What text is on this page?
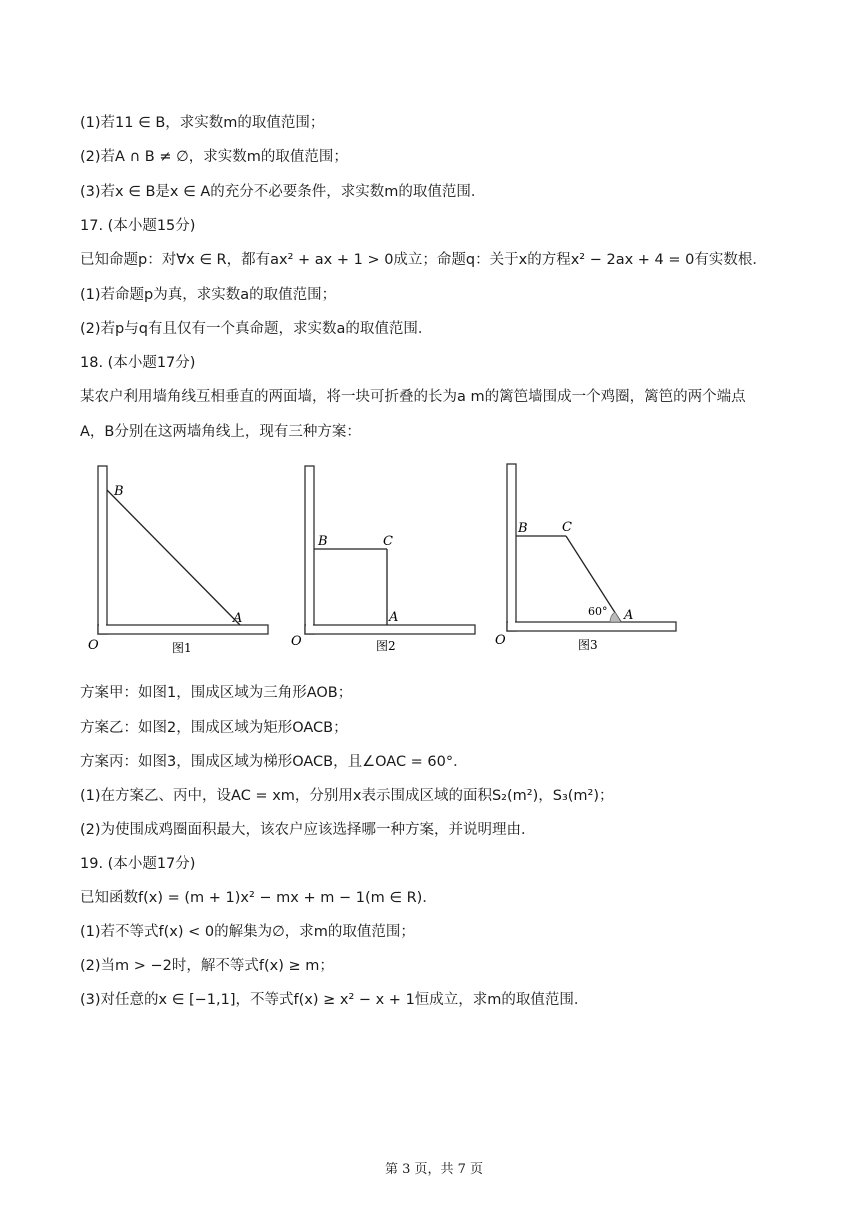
(1)若11 ∈ B，求实数m的取值范围；
(2)若A ∩ B ≠ ∅，求实数m的取值范围；
(3)若x ∈ B是x ∈ A的充分不必要条件，求实数m的取值范围．
17. (本小题15分)
已知命题p：对∀x ∈ R，都有ax² + ax + 1 > 0成立；命题q：关于x的方程x² − 2ax + 4 = 0有实数根．
(1)若命题p为真，求实数a的取值范围；
(2)若p与q有且仅有一个真命题，求实数a的取值范围．
18. (本小题17分)
某农户利用墙角线互相垂直的两面墙，将一块可折叠的长为a m的篱笆墙围成一个鸡圈，篱笆的两个端点
A，B分别在这两墙角线上，现有三种方案：
B
A
O	图1
B	C
A
O	图2
B	C
A
60°
O	图3
方案甲：如图1，围成区域为三角形AOB；
方案乙：如图2，围成区域为矩形OACB；
方案丙：如图3，围成区域为梯形OACB，且∠OAC = 60°．
(1)在方案乙、丙中，设AC = xm，分别用x表示围成区域的面积S₂(m²)，S₃(m²)；
(2)为使围成鸡圈面积最大，该农户应该选择哪一种方案，并说明理由．
19. (本小题17分)
已知函数f(x) = (m + 1)x² − mx + m − 1(m ∈ R)．
(1)若不等式f(x) < 0的解集为∅，求m的取值范围；
(2)当m > −2时，解不等式f(x) ≥ m；
(3)对任意的x ∈ [−1,1]，不等式f(x) ≥ x² − x + 1恒成立，求m的取值范围．
第 3 页，共 7 页
